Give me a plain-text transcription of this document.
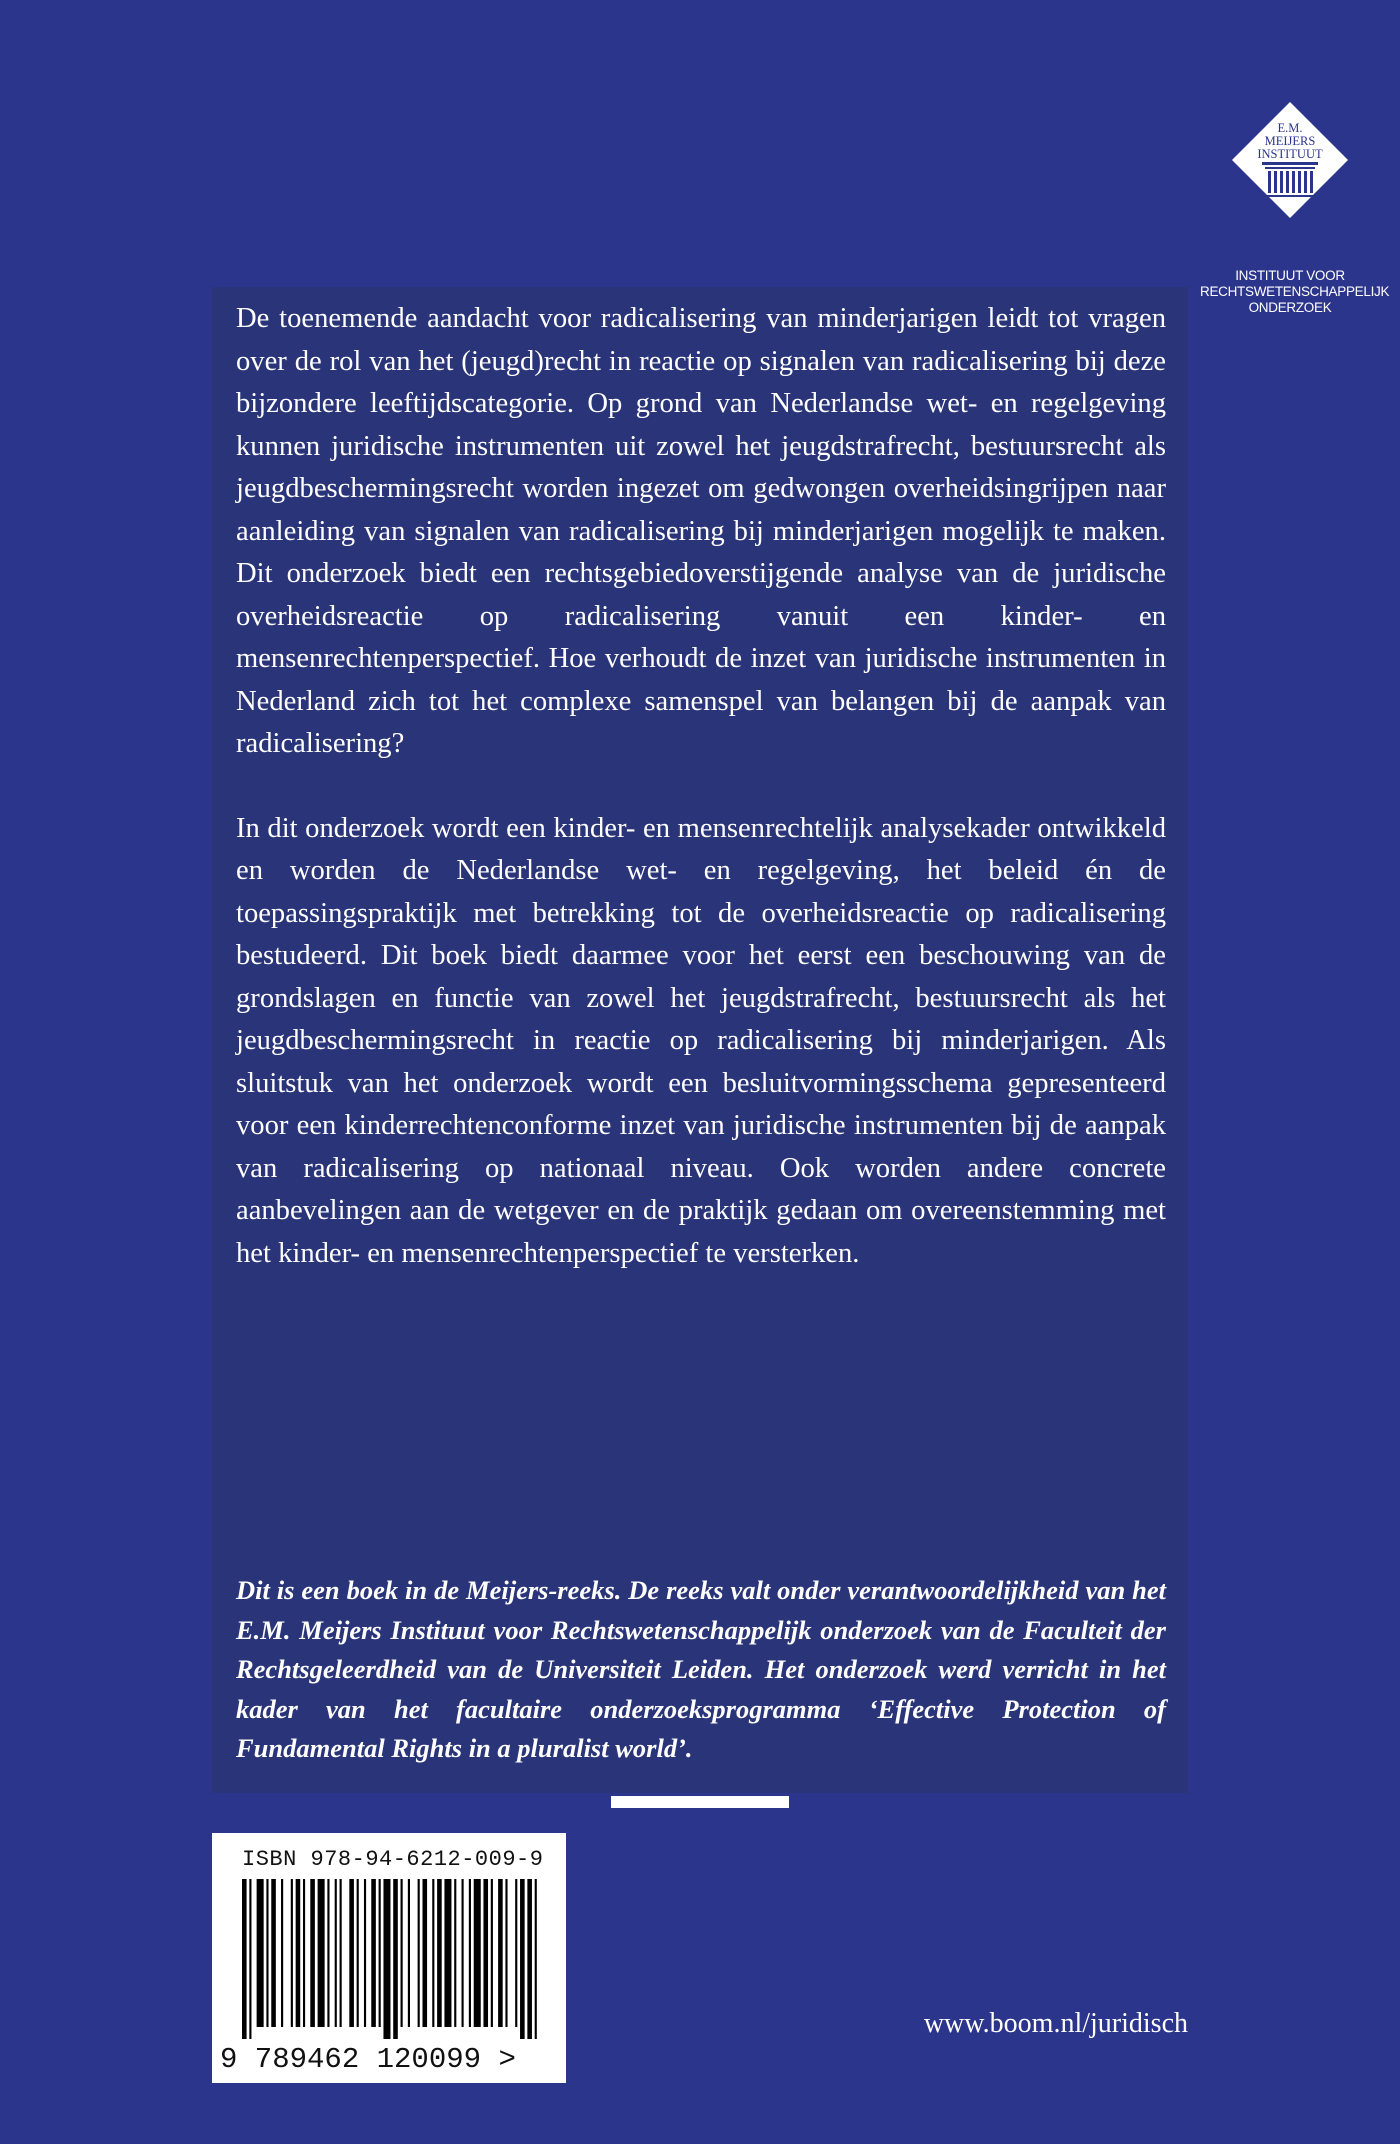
E.M.
MEIJERS
INSTITUUT
INSTITUUT VOOR
RECHTSWETENSCHAPPELIJK
ONDERZOEK

De toenemende aandacht voor radicalisering van minderjarigen leidt tot vragen over de rol van het (jeugd)recht in reactie op signalen van radicalisering bij deze bijzondere leeftijdscategorie. Op grond van Nederlandse wet- en regelgeving kunnen juridische instrumenten uit zowel het jeugdstrafrecht, bestuursrecht als jeugdbeschermingsrecht worden ingezet om gedwongen overheidsingrijpen naar aanleiding van signalen van radicalisering bij minderjarigen mogelijk te maken. Dit onderzoek biedt een rechtsgebiedoverstijgende analyse van de juridische overheidsreactie op radicalisering vanuit een kinder- en mensenrechtenperspectief. Hoe verhoudt de inzet van juridische instrumenten in Nederland zich tot het complexe samenspel van belangen bij de aanpak van radicalisering?

In dit onderzoek wordt een kinder- en mensenrechtelijk analysekader ontwikkeld en worden de Nederlandse wet- en regelgeving, het beleid én de toepassingspraktijk met betrekking tot de overheidsreactie op radicalisering bestudeerd. Dit boek biedt daarmee voor het eerst een beschouwing van de grondslagen en functie van zowel het jeugdstrafrecht, bestuursrecht als het jeugdbeschermingsrecht in reactie op radicalisering bij minderjarigen. Als sluitstuk van het onderzoek wordt een besluitvormingsschema gepresenteerd voor een kinderrechtenconforme inzet van juridische instrumenten bij de aanpak van radicalisering op nationaal niveau. Ook worden andere concrete aanbevelingen aan de wetgever en de praktijk gedaan om overeenstemming met het kinder- en mensenrechtenperspectief te versterken.

Dit is een boek in de Meijers-reeks. De reeks valt onder verantwoordelijkheid van het E.M. Meijers Instituut voor Rechtswetenschappelijk onderzoek van de Faculteit der Rechtsgeleerdheid van de Universiteit Leiden. Het onderzoek werd verricht in het kader van het facultaire onderzoeksprogramma ‘Effective Protection of Fundamental Rights in a pluralist world’.
ISBN 978-94-6212-009-9
9 789462 120099 >
www.boom.nl/juridisch
